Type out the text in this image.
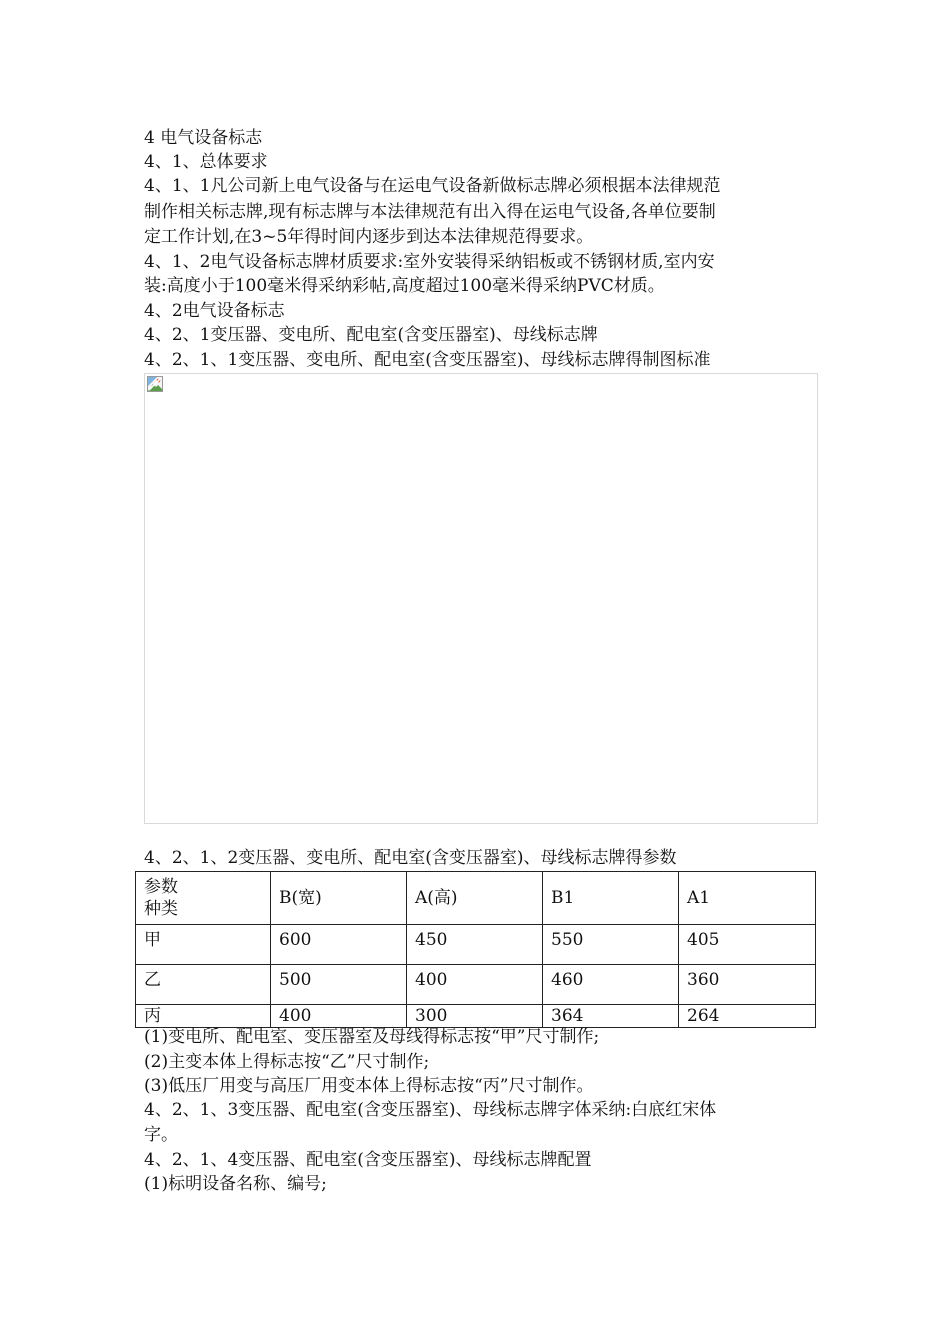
4 电气设备标志
4、1、总体要求
4、1、1凡公司新上电气设备与在运电气设备新做标志牌必须根据本法律规范
制作相关标志牌,现有标志牌与本法律规范有出入得在运电气设备,各单位要制
定工作计划,在3~5年得时间内逐步到达本法律规范得要求。
4、1、2电气设备标志牌材质要求:室外安装得采纳铝板或不锈钢材质,室内安
装:高度小于100毫米得采纳彩帖,高度超过100毫米得采纳PVC材质。
4、2电气设备标志
4、2、1变压器、变电所、配电室(含变压器室)、母线标志牌
4、2、1、1变压器、变电所、配电室(含变压器室)、母线标志牌得制图标准
4、2、1、2变压器、变电所、配电室(含变压器室)、母线标志牌得参数
参数
种类	B(宽)	A(高)	B1	A1
甲	600	450	550	405
乙	500	400	460	360
丙	400	300	364	264
(1)变电所、配电室、变压器室及母线得标志按“甲”尺寸制作;
(2)主变本体上得标志按“乙”尺寸制作;
(3)低压厂用变与高压厂用变本体上得标志按“丙”尺寸制作。
4、2、1、3变压器、配电室(含变压器室)、母线标志牌字体采纳:白底红宋体
字。
4、2、1、4变压器、配电室(含变压器室)、母线标志牌配置
(1)标明设备名称、编号;
